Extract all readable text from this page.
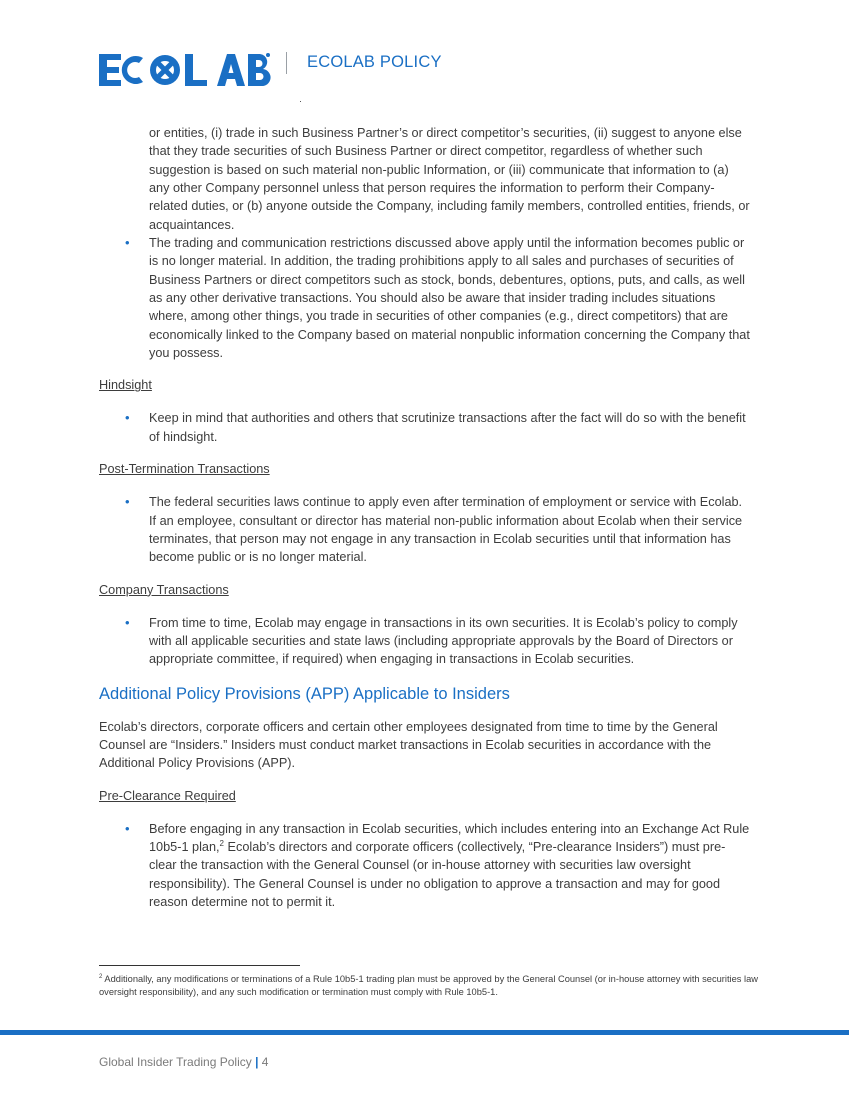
ECOLAB POLICY

or entities, (i) trade in such Business Partner’s or direct competitor’s securities, (ii) suggest to anyone else that they trade securities of such Business Partner or direct competitor, regardless of whether such suggestion is based on such material non-public Information, or (iii) communicate that information to (a) any other Company personnel unless that person requires the information to perform their Company-related duties, or (b) anyone outside the Company, including family members, controlled entities, friends, or acquaintances.

• The trading and communication restrictions discussed above apply until the information becomes public or is no longer material. In addition, the trading prohibitions apply to all sales and purchases of securities of Business Partners or direct competitors such as stock, bonds, debentures, options, puts, and calls, as well as any other derivative transactions. You should also be aware that insider trading includes situations where, among other things, you trade in securities of other companies (e.g., direct competitors) that are economically linked to the Company based on material nonpublic information concerning the Company that you possess.
Hindsight
• Keep in mind that authorities and others that scrutinize transactions after the fact will do so with the benefit of hindsight.
Post-Termination Transactions
• The federal securities laws continue to apply even after termination of employment or service with Ecolab. If an employee, consultant or director has material non-public information about Ecolab when their service terminates, that person may not engage in any transaction in Ecolab securities until that information has become public or is no longer material.
Company Transactions
• From time to time, Ecolab may engage in transactions in its own securities. It is Ecolab’s policy to comply with all applicable securities and state laws (including appropriate approvals by the Board of Directors or appropriate committee, if required) when engaging in transactions in Ecolab securities.
Additional Policy Provisions (APP) Applicable to Insiders

Ecolab’s directors, corporate officers and certain other employees designated from time to time by the General Counsel are “Insiders.” Insiders must conduct market transactions in Ecolab securities in accordance with the Additional Policy Provisions (APP).

Pre-Clearance Required
• Before engaging in any transaction in Ecolab securities, which includes entering into an Exchange Act Rule 10b5-1 plan,$^2$ Ecolab’s directors and corporate officers (collectively, “Pre-clearance Insiders”) must pre-clear the transaction with the General Counsel (or in-house attorney with securities law oversight responsibility). The General Counsel is under no obligation to approve a transaction and may for good reason determine not to permit it.
$^2$ Additionally, any modifications or terminations of a Rule 10b5-1 trading plan must be approved by the General Counsel (or in-house attorney with securities law oversight responsibility), and any such modification or termination must comply with Rule 10b5-1.
Global Insider Trading Policy | 4
